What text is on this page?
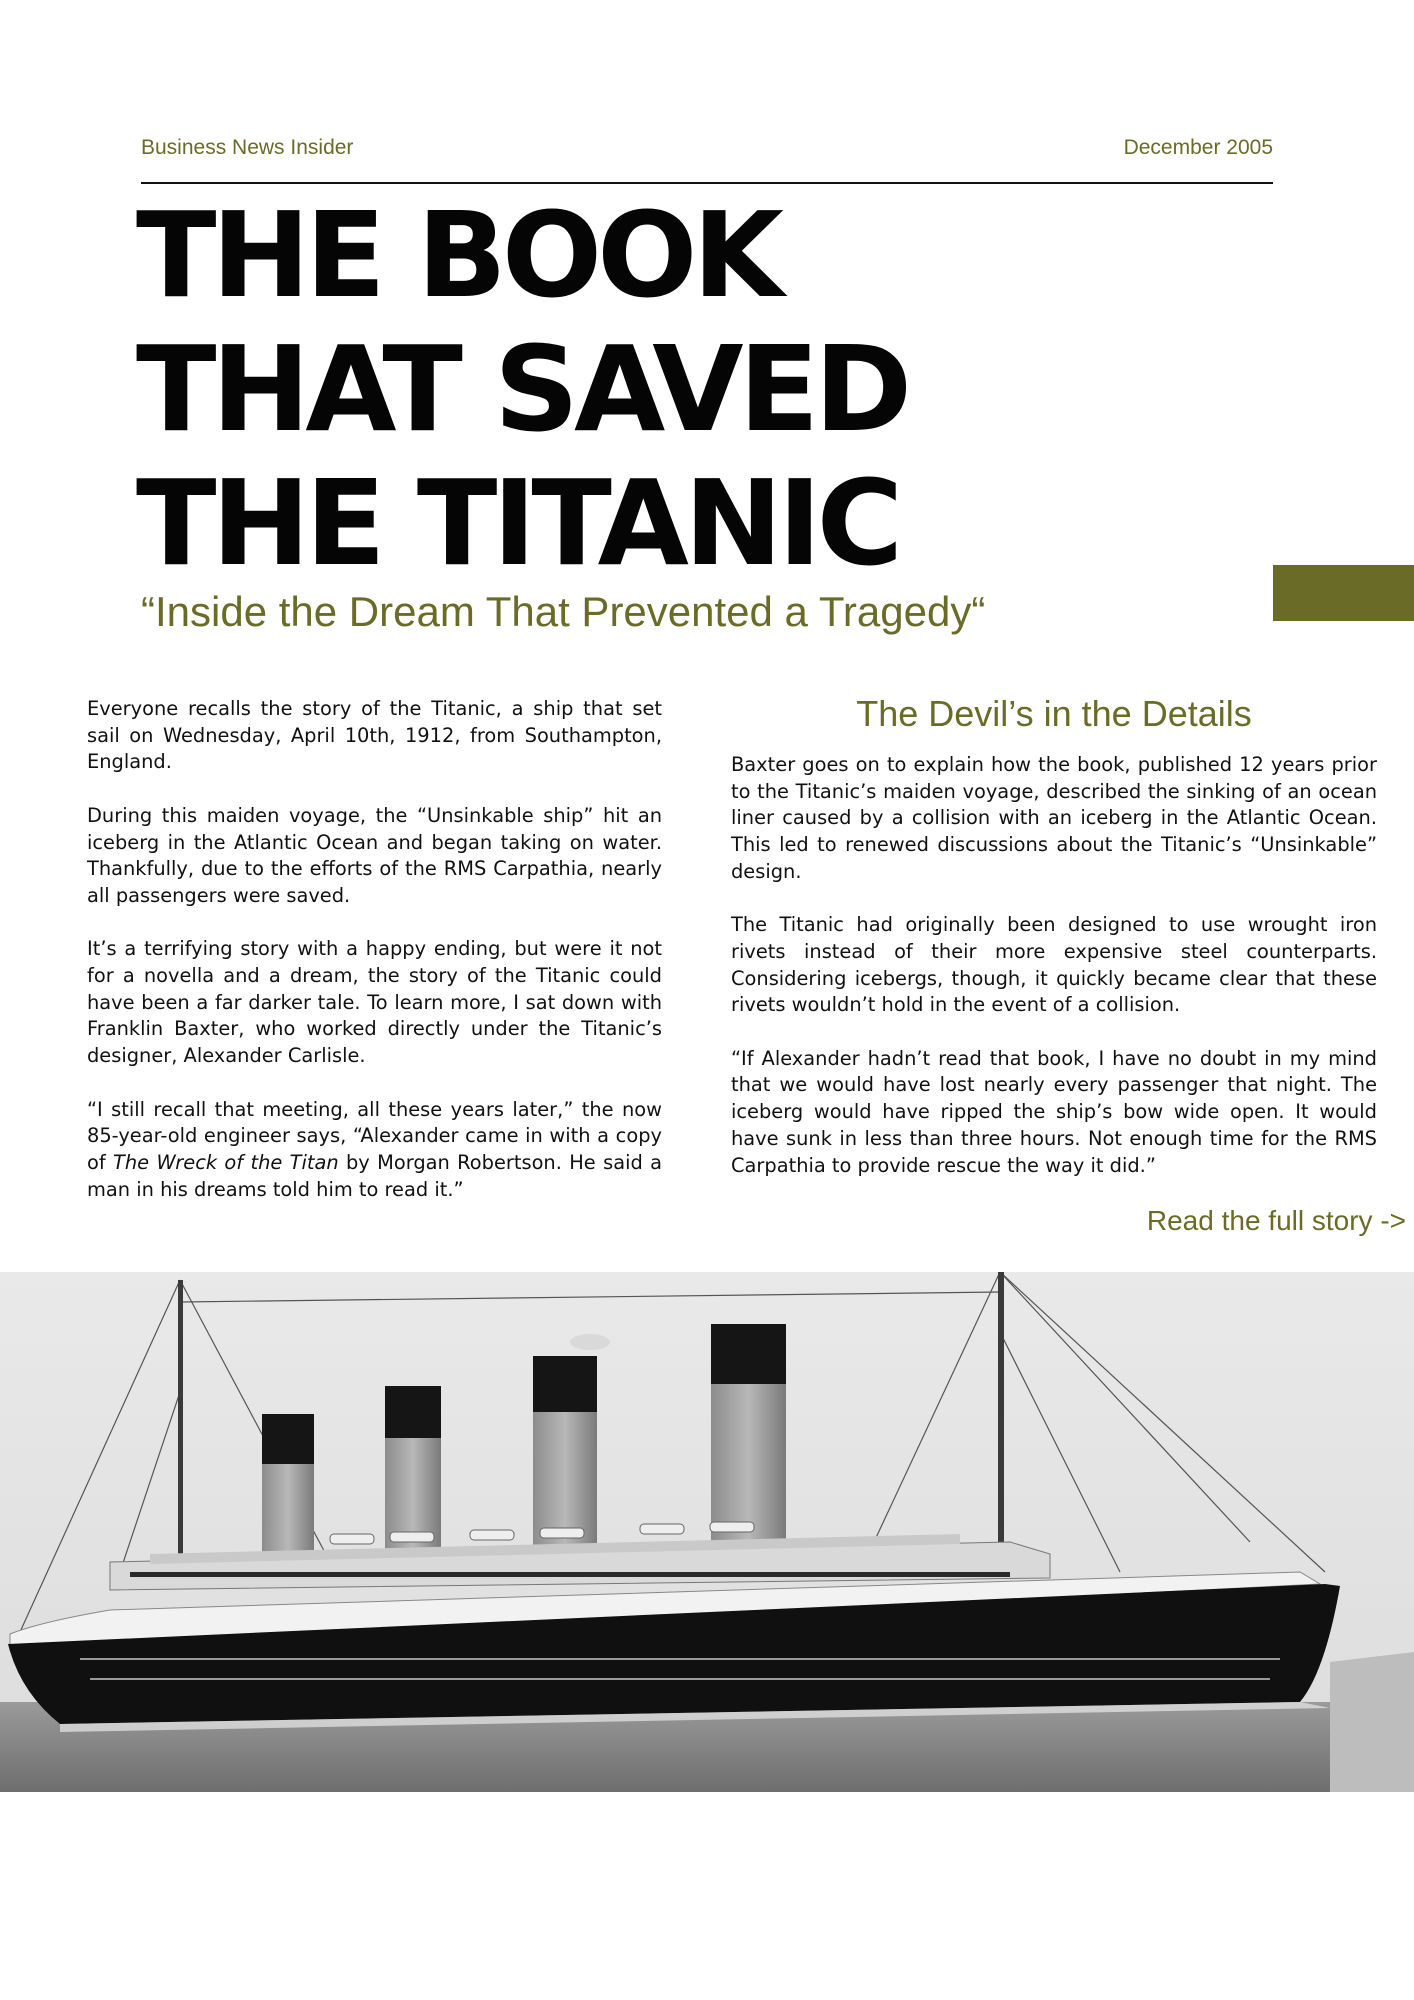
Business News Insider	December 2005
THE BOOK
THAT SAVED
THE TITANIC
“Inside the Dream That Prevented a Tragedy“

Everyone recalls the story of the Titanic, a ship that set sail on Wednesday, April 10th, 1912, from Southampton, England.

During this maiden voyage, the “Unsinkable ship” hit an iceberg in the Atlantic Ocean and began taking on water. Thankfully, due to the efforts of the RMS Carpathia, nearly all passengers were saved.

It’s a terrifying story with a happy ending, but were it not for a novella and a dream, the story of the Titanic could have been a far darker tale. To learn more, I sat down with Franklin Baxter, who worked directly under the Titanic’s designer, Alexander Carlisle.

“I still recall that meeting, all these years later,” the now 85-year-old engineer says, “Alexander came in with a copy of The Wreck of the Titan by Morgan Robertson. He said a man in his dreams told him to read it.”

The Devil’s in the Details

Baxter goes on to explain how the book, published 12 years prior to the Titanic’s maiden voyage, described the sinking of an ocean liner caused by a collision with an iceberg in the Atlantic Ocean. This led to renewed discussions about the Titanic’s “Unsinkable” design.

The Titanic had originally been designed to use wrought iron rivets instead of their more expensive steel counterparts. Considering icebergs, though, it quickly became clear that these rivets wouldn’t hold in the event of a collision.

“If Alexander hadn’t read that book, I have no doubt in my mind that we would have lost nearly every passenger that night. The iceberg would have ripped the ship’s bow wide open. It would have sunk in less than three hours. Not enough time for the RMS Carpathia to provide rescue the way it did.”

Read the full story ->
